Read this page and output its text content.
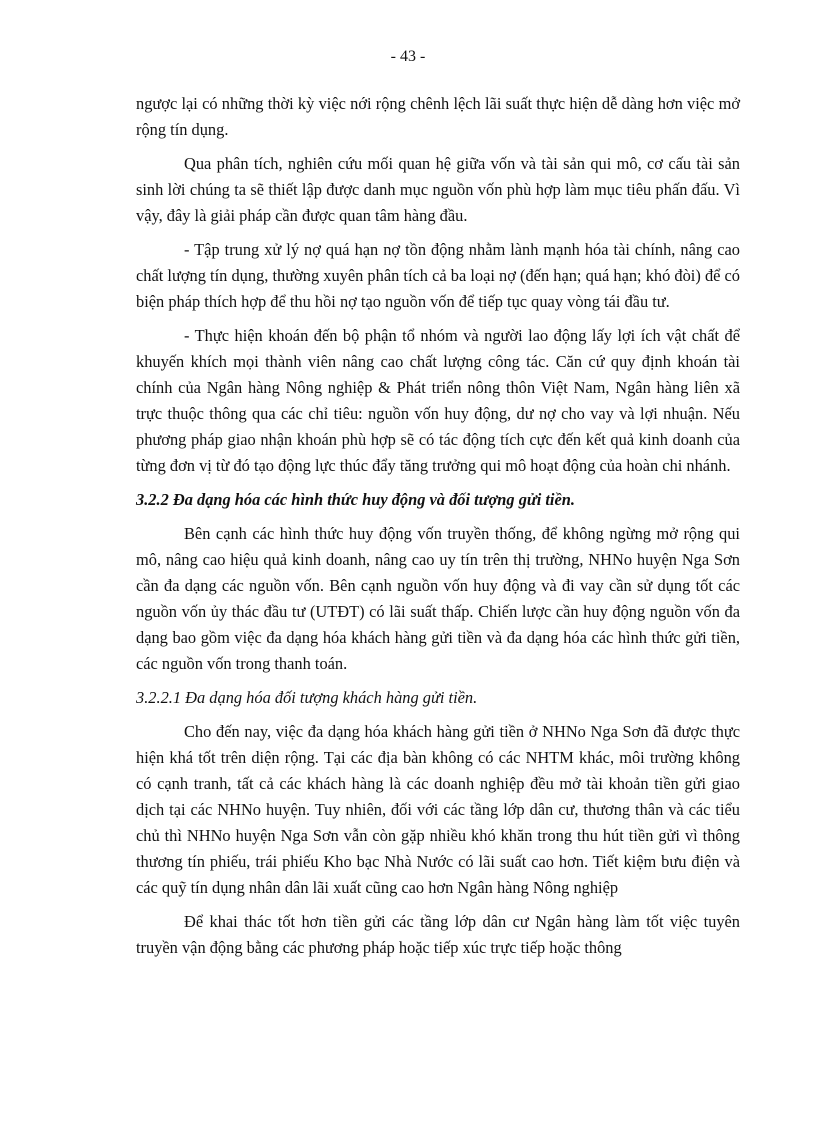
- 43 -

ngược lại có những thời kỳ việc nới rộng chênh lệch lãi suất thực hiện dễ dàng hơn việc mở rộng tín dụng.

Qua phân tích, nghiên cứu mối quan hệ giữa vốn và tài sản qui mô, cơ cấu tài sản sinh lời chúng ta sẽ thiết lập được danh mục nguồn vốn phù hợp làm mục tiêu phấn đấu. Vì vậy, đây là giải pháp cần được quan tâm hàng đầu.

- Tập trung xử lý nợ quá hạn nợ tồn động nhằm lành mạnh hóa tài chính, nâng cao chất lượng tín dụng, thường xuyên phân tích cả ba loại nợ (đến hạn; quá hạn; khó đòi) để có biện pháp thích hợp để thu hồi nợ tạo nguồn vốn để tiếp tục quay vòng tái đầu tư.

- Thực hiện khoán đến bộ phận tổ nhóm và người lao động lấy lợi ích vật chất để khuyến khích mọi thành viên nâng cao chất lượng công tác. Căn cứ quy định khoán tài chính của Ngân hàng Nông nghiệp & Phát triển nông thôn Việt Nam, Ngân hàng liên xã trực thuộc thông qua các chỉ tiêu: nguồn vốn huy động, dư nợ cho vay và lợi nhuận. Nếu phương pháp giao nhận khoán phù hợp sẽ có tác động tích cực đến kết quả kinh doanh của từng đơn vị từ đó tạo động lực thúc đẩy tăng trưởng qui mô hoạt động của hoàn chi nhánh.

3.2.2 Đa dạng hóa các hình thức huy động và đối tượng gửi tiền.

Bên cạnh các hình thức huy động vốn truyền thống, để không ngừng mở rộng qui mô, nâng cao hiệu quả kinh doanh, nâng cao uy tín trên thị trường, NHNo huyện Nga Sơn cần đa dạng các nguồn vốn. Bên cạnh nguồn vốn huy động và đi vay cần sử dụng tốt các nguồn vốn ủy thác đầu tư (UTĐT) có lãi suất thấp. Chiến lược cần huy động nguồn vốn đa dạng bao gồm việc đa dạng hóa khách hàng gửi tiền và đa dạng hóa các hình thức gửi tiền, các nguồn vốn trong thanh toán.

3.2.2.1 Đa dạng hóa đối tượng khách hàng gửi tiền.

Cho đến nay, việc đa dạng hóa khách hàng gửi tiền ở NHNo Nga Sơn đã được thực hiện khá tốt trên diện rộng. Tại các địa bàn không có các NHTM khác, môi trường không có cạnh tranh, tất cả các khách hàng là các doanh nghiệp đều mở tài khoản tiền gửi giao dịch tại các NHNo huyện. Tuy nhiên, đối với các tầng lớp dân cư, thương thân và các tiểu chủ thì NHNo huyện Nga Sơn vẫn còn gặp nhiều khó khăn trong thu hút tiền gửi vì thông thương tín phiếu, trái phiếu Kho bạc Nhà Nước có lãi suất cao hơn. Tiết kiệm bưu điện và các quỹ tín dụng nhân dân lãi xuất cũng cao hơn Ngân hàng Nông nghiệp

Để khai thác tốt hơn tiền gửi các tầng lớp dân cư Ngân hàng làm tốt việc tuyên truyền vận động bằng các phương pháp hoặc tiếp xúc trực tiếp hoặc thông
